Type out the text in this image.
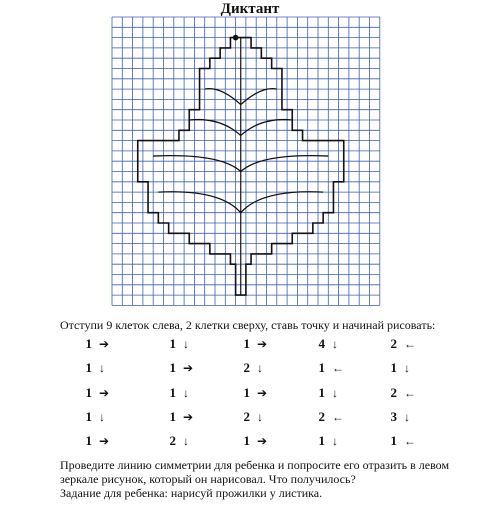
Диктант
Отступи 9 клеток слева, 2 клетки сверху, ставь точку и начинай рисовать:
1 ➔	1 ↓	1 ➔	4 ↓	2 ←
1 ↓	1 ➔	2 ↓	1 ←	1 ↓
1 ➔	1 ↓	1 ➔	1 ↓	2 ←
1 ↓	1 ➔	2 ↓	2 ←	3 ↓
1 ➔	2 ↓	1 ➔	1 ↓	1 ←

Проведите линию симметрии для ребенка и попросите его отразить в левом

зеркале рисунок, который он нарисовал. Что получилось?

Задание для ребенка: нарисуй прожилки у листика.
